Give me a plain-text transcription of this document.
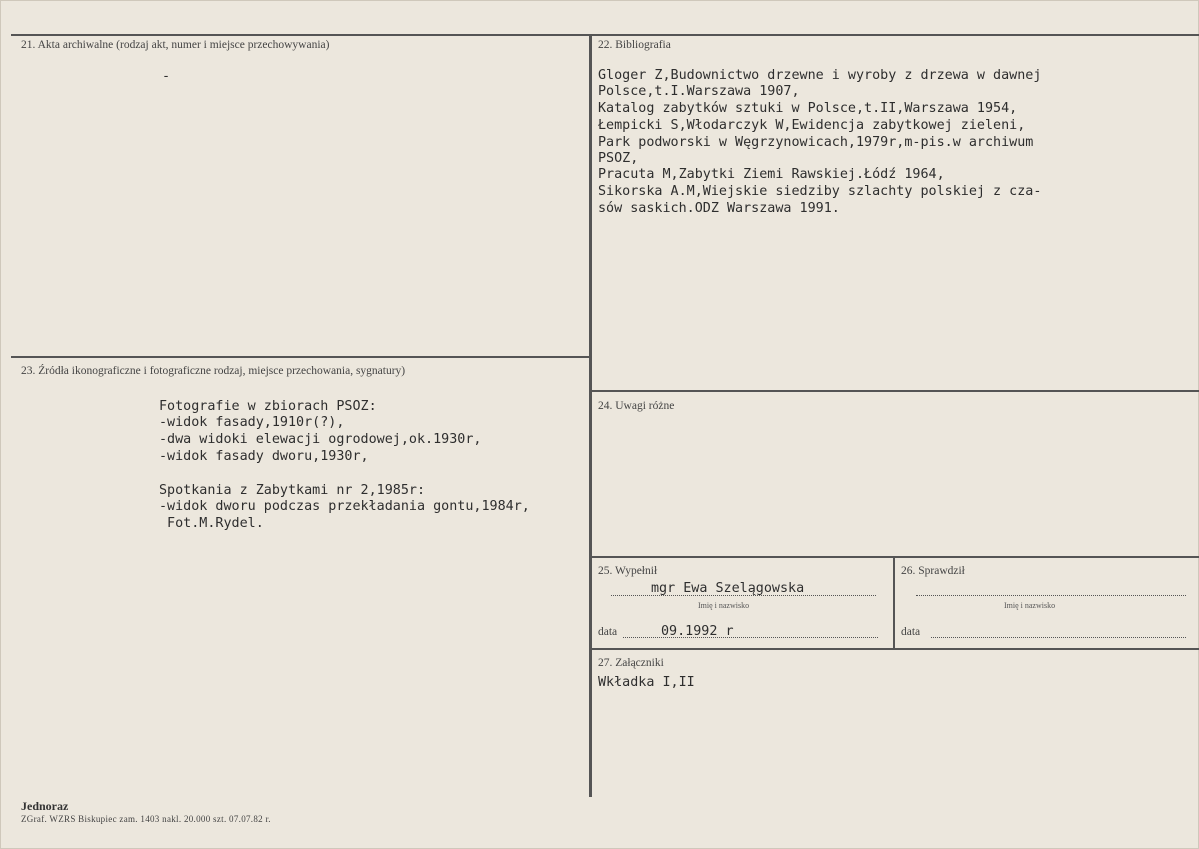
21. Akta archiwalne (rodzaj akt, numer i miejsce przechowywania)
-
22. Bibliografia
Gloger Z,Budownictwo drzewne i wyroby z drzewa w dawnej
Polsce,t.I.Warszawa 1907,
Katalog zabytków sztuki w Polsce,t.II,Warszawa 1954,
Łempicki S,Włodarczyk W,Ewidencja zabytkowej zieleni,
Park podworski w Węgrzynowicach,1979r,m-pis.w archiwum
PSOZ,
Pracuta M,Zabytki Ziemi Rawskiej.Łódź 1964,
Sikorska A.M,Wiejskie siedziby szlachty polskiej z cza-
sów saskich.ODZ Warszawa 1991.
23. Źródła ikonograficzne i fotograficzne rodzaj, miejsce przechowania, sygnatury)
Fotografie w zbiorach PSOZ:
-widok fasady,1910r(?),
-dwa widoki elewacji ogrodowej,ok.1930r,
-widok fasady dworu,1930r,
Spotkania z Zabytkami nr 2,1985r:
-widok dworu podczas przekładania gontu,1984r,
Fot.M.Rydel.
24. Uwagi różne
25. Wypełnił
mgr Ewa Szelągowska
Imię i nazwisko
data	09.1992 r
26. Sprawdził
Imię i nazwisko
data
27. Załączniki
Wkładka I,II
Jednoraz
ZGraf. WZRS Biskupiec zam. 1403 nakl. 20.000 szt. 07.07.82 r.
